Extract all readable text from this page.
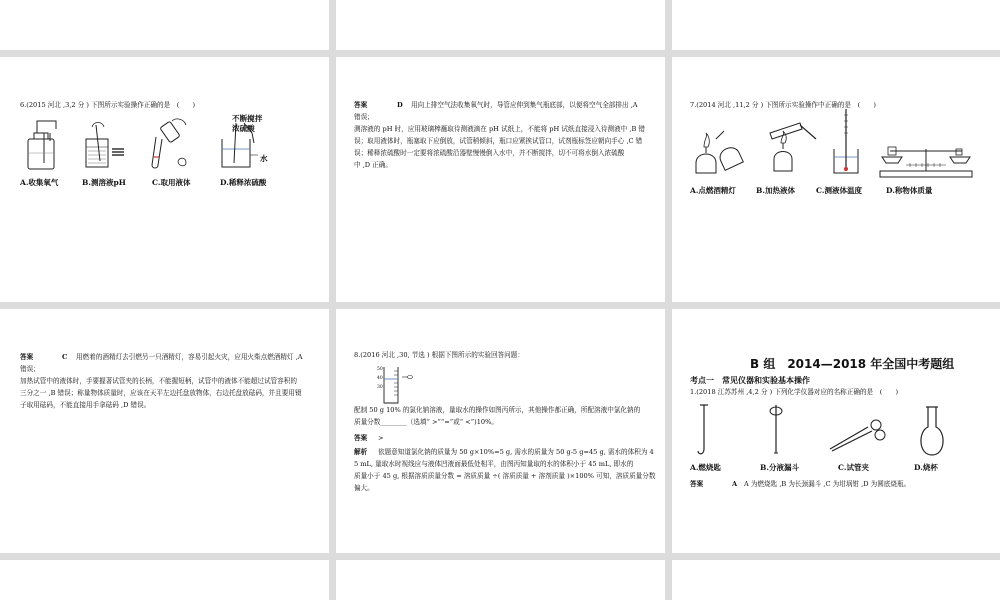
6.(2015 河北 ,3,2 分 ) 下图所示实验操作正确的是　(　　)
不断搅拌
浓硫酸
水
A.收集氧气	B.测溶液pH	C.取用液体	D.稀释浓硫酸
答案	D 用向上排空气法收集氧气时，导管应伸到集气瓶底部，以便将空气全部排出 ,A
错误；
测溶液的 pH 时，应用玻璃棒蘸取待测液滴在 pH 试纸上，不能将 pH 试纸直接浸入待测液中 ,B 错
误；取用液体时，瓶塞取下应倒放，试管稍倾斜，瓶口应紧挨试管口，试剂瓶标签应朝向手心 ,C 错
误；稀释浓硫酸时一定要将浓硫酸沿器壁慢慢倒入水中，并不断搅拌，切不可将水倒入浓硫酸
中 ,D 正确。
7.(2014 河北 ,11,2 分 ) 下图所示实验操作中正确的是　(　　)
A.点燃酒精灯	B.加热液体	C.测液体温度	D.称物体质量
答案	C 用燃着的酒精灯去引燃另一只酒精灯，容易引起火灾，应用火柴点燃酒精灯 ,A
错误；
加热试管中的液体时，手要握著试管夹的长柄，不能握短柄，试管中的液体不能超过试管容积的
三分之一 ,B 错误；称量物体质量时，应该在天平左边托盘放物体，右边托盘放砝码，并且要用镊
子取用砝码，不能直接用手拿砝码 ,D 错误。
8.(2016 河北 ,30, 节选 ) 根据下图所示的实验回答问题：
50
40
30
配制 50 g 10% 的氯化钠溶液，量取水的操作如图丙所示，其他操作都正确，所配溶液中氯化钠的
质量分数________（选填“ >”“=”或“ <”)10%。
答案 >
解析 依题意知道氯化钠的质量为 50 g×10%=5 g, 需水的质量为 50 g-5 g=45 g, 需水的体积为 4
5 mL, 量取水时视线应与液体凹液面最低处相平，由图丙知量取的水的体积小于 45 mL, 即水的
质量小于 45 g, 根据溶质质量分数 = 溶质质量 ÷( 溶质质量 + 溶剂质量 )×100% 可知，溶质质量分数
偏大。
B 组　2014—2018 年全国中考题组
考点一　常见仪器和实验基本操作
1.(2018 江苏苏州 ,4,2 分 ) 下列化学仪器对应的名称正确的是　(　　)
A.燃烧匙	B.分液漏斗	C.试管夹	D.烧杯
答案	A A 为燃烧匙 ,B 为长颈漏斗 ,C 为坩埚钳 ,D 为圆底烧瓶。
